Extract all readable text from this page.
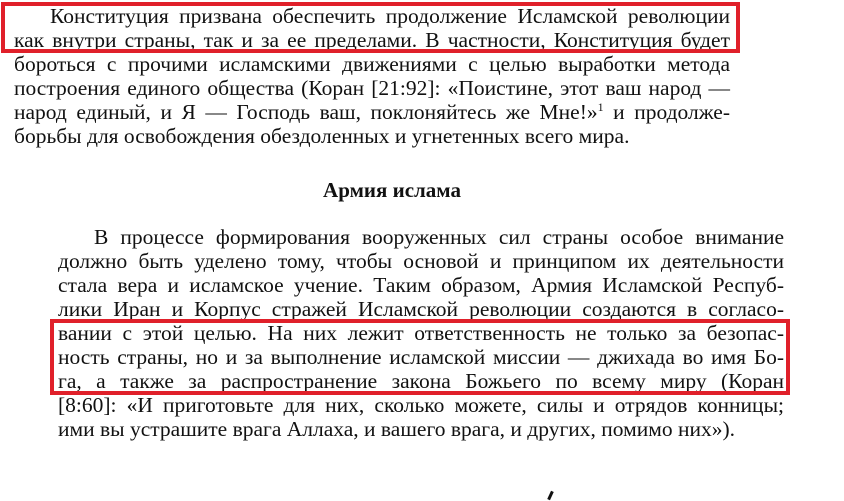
Конституция призвана обеспечить продолжение Исламской революции
как внутри страны, так и за ее пределами. В частности, Конституция будет
бороться с прочими исламскими движениями с целью выработки метода
построения единого общества (Коран [21:92]: «Поистине, этот ваш народ —
народ единый, и Я — Господь ваш, поклоняйтесь же Мне!»$^1$ и продолже-
борьбы для освобождения обездоленных и угнетенных всего мира.
Армия ислама
В процессе формирования вооруженных сил страны особое внимание
должно быть уделено тому, чтобы основой и принципом их деятельности
стала вера и исламское учение. Таким образом, Армия Исламской Респуб-
лики Иран и Корпус стражей Исламской революции создаются в согласо-
вании с этой целью. На них лежит ответственность не только за безопас-
ность страны, но и за выполнение исламской миссии — джихада во имя Бо-
га, а также за распространение закона Божьего по всему миру (Коран
[8:60]: «И приготовьте для них, сколько можете, силы и отрядов конницы;
ими вы устрашите врага Аллаха, и вашего врага, и других, помимо них»).
